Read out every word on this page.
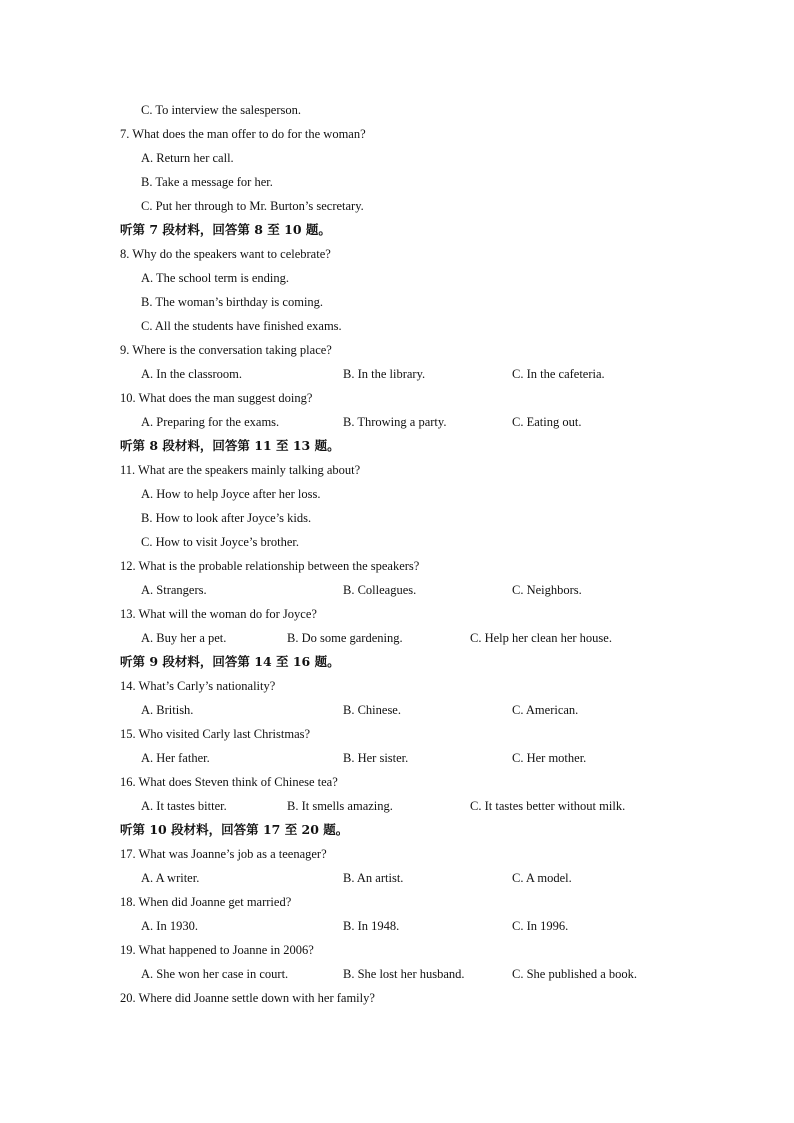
C. To interview the salesperson.
7. What does the man offer to do for the woman?
A. Return her call.
B. Take a message for her.
C. Put her through to Mr. Burton’s secretary.
听第 7 段材料，回答第 8 至 10 题。
8. Why do the speakers want to celebrate?
A. The school term is ending.
B. The woman’s birthday is coming.
C. All the students have finished exams.
9. Where is the conversation taking place?
A. In the classroom.	B. In the library.	C. In the cafeteria.
10. What does the man suggest doing?
A. Preparing for the exams.	B. Throwing a party.	C. Eating out.
听第 8 段材料，回答第 11 至 13 题。
11. What are the speakers mainly talking about?
A. How to help Joyce after her loss.
B. How to look after Joyce’s kids.
C. How to visit Joyce’s brother.
12. What is the probable relationship between the speakers?
A. Strangers.	B. Colleagues.	C. Neighbors.
13. What will the woman do for Joyce?
A. Buy her a pet.	B. Do some gardening.	C. Help her clean her house.
听第 9 段材料，回答第 14 至 16 题。
14. What’s Carly’s nationality?
A. British.	B. Chinese.	C. American.
15. Who visited Carly last Christmas?
A. Her father.	B. Her sister.	C. Her mother.
16. What does Steven think of Chinese tea?
A. It tastes bitter.	B. It smells amazing.	C. It tastes better without milk.
听第 10 段材料，回答第 17 至 20 题。
17. What was Joanne’s job as a teenager?
A. A writer.	B. An artist.	C. A model.
18. When did Joanne get married?
A. In 1930.	B. In 1948.	C. In 1996.
19. What happened to Joanne in 2006?
A. She won her case in court.	B. She lost her husband.	C. She published a book.
20. Where did Joanne settle down with her family?
